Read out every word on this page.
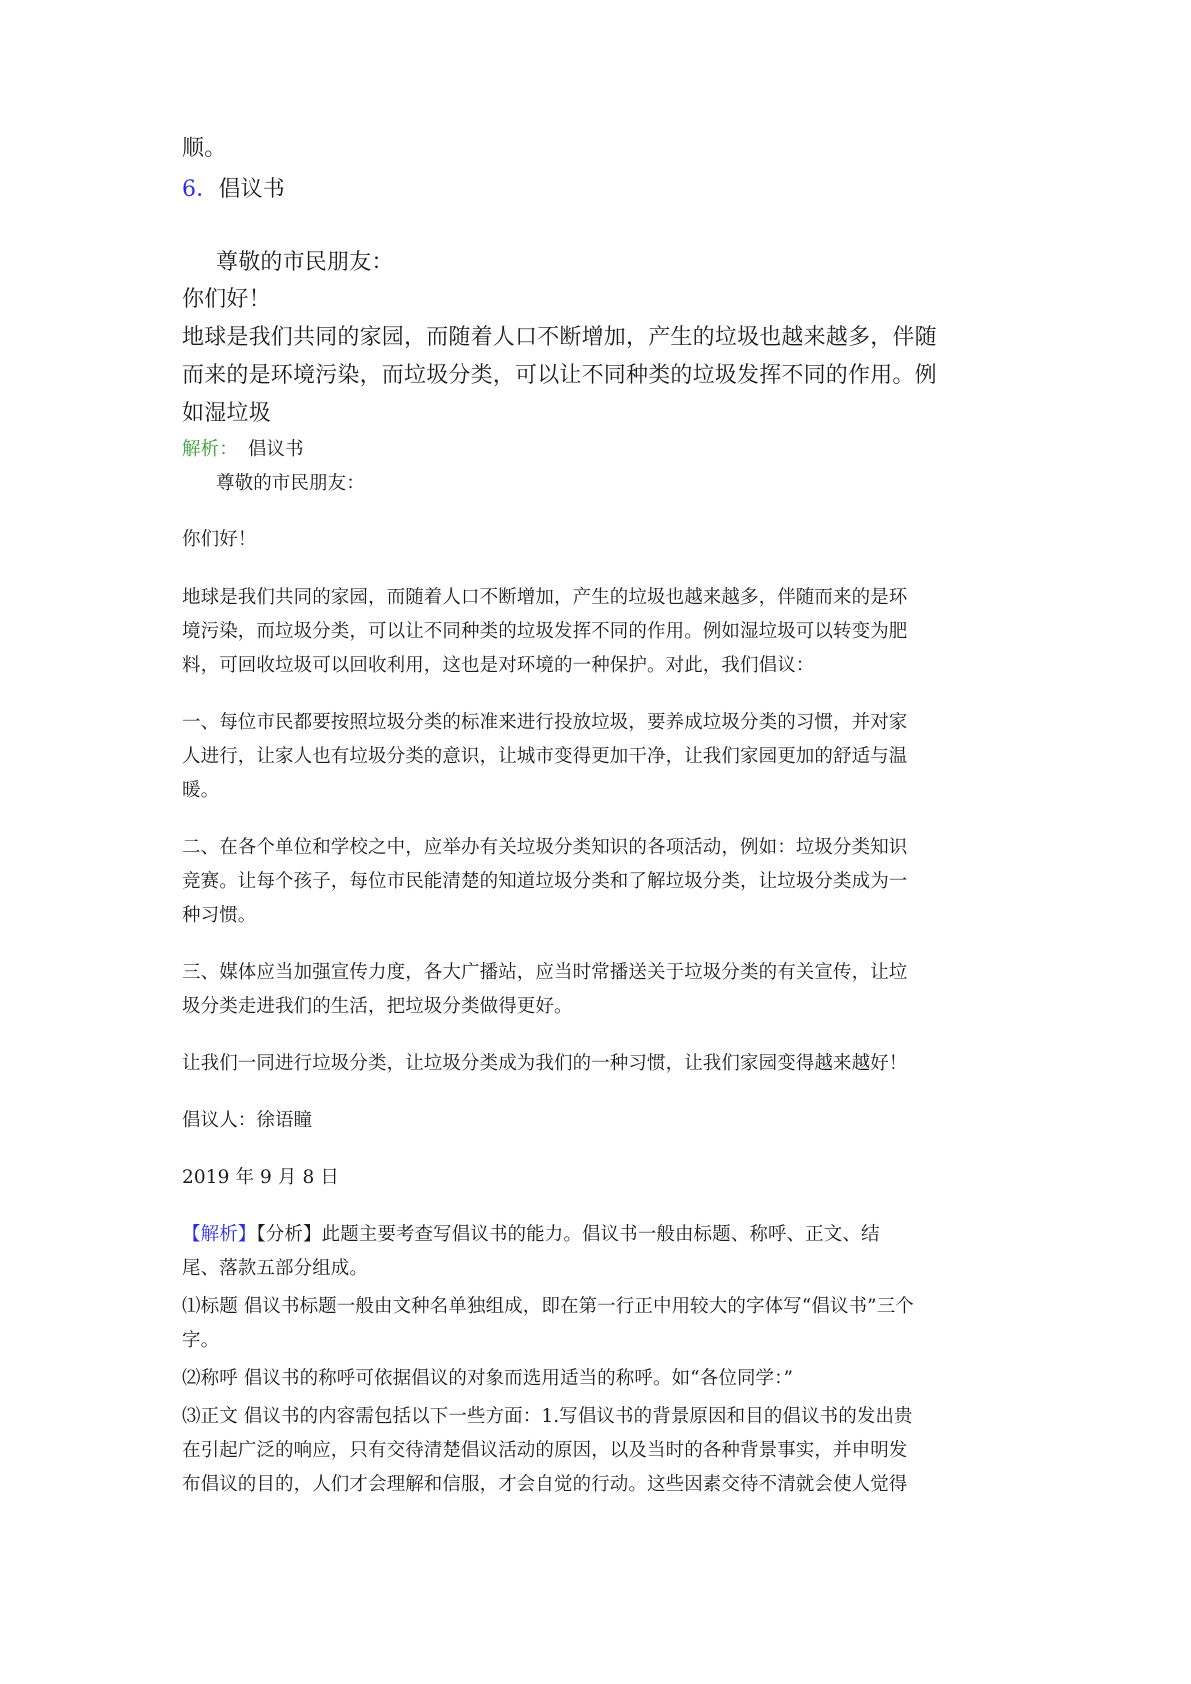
顺。
6．倡议书
尊敬的市民朋友：
你们好！
地球是我们共同的家园，而随着人口不断增加，产生的垃圾也越来越多，伴随
而来的是环境污染，而垃圾分类，可以让不同种类的垃圾发挥不同的作用。例
如湿垃圾
解析： 倡议书
尊敬的市民朋友：
你们好！
地球是我们共同的家园，而随着人口不断增加，产生的垃圾也越来越多，伴随而来的是环
境污染，而垃圾分类，可以让不同种类的垃圾发挥不同的作用。例如湿垃圾可以转变为肥
料，可回收垃圾可以回收利用，这也是对环境的一种保护。对此，我们倡议：
一、每位市民都要按照垃圾分类的标准来进行投放垃圾，要养成垃圾分类的习惯，并对家
人进行，让家人也有垃圾分类的意识，让城市变得更加干净，让我们家园更加的舒适与温
暖。
二、在各个单位和学校之中，应举办有关垃圾分类知识的各项活动，例如：垃圾分类知识
竞赛。让每个孩子，每位市民能清楚的知道垃圾分类和了解垃圾分类，让垃圾分类成为一
种习惯。
三、媒体应当加强宣传力度，各大广播站，应当时常播送关于垃圾分类的有关宣传，让垃
圾分类走进我们的生活，把垃圾分类做得更好。
让我们一同进行垃圾分类，让垃圾分类成为我们的一种习惯，让我们家园变得越来越好！
倡议人：徐语瞳
2019 年 9 月 8 日
【解析】【分析】此题主要考查写倡议书的能力。倡议书一般由标题、称呼、正文、结
尾、落款五部分组成。
⑴标题 倡议书标题一般由文种名单独组成，即在第一行正中用较大的字体写“倡议书”三个
字。
⑵称呼 倡议书的称呼可依据倡议的对象而选用适当的称呼。如“各位同学：”
⑶正文 倡议书的内容需包括以下一些方面：1.写倡议书的背景原因和目的倡议书的发出贵
在引起广泛的响应，只有交待清楚倡议活动的原因，以及当时的各种背景事实，并申明发
布倡议的目的，人们才会理解和信服，才会自觉的行动。这些因素交待不清就会使人觉得
